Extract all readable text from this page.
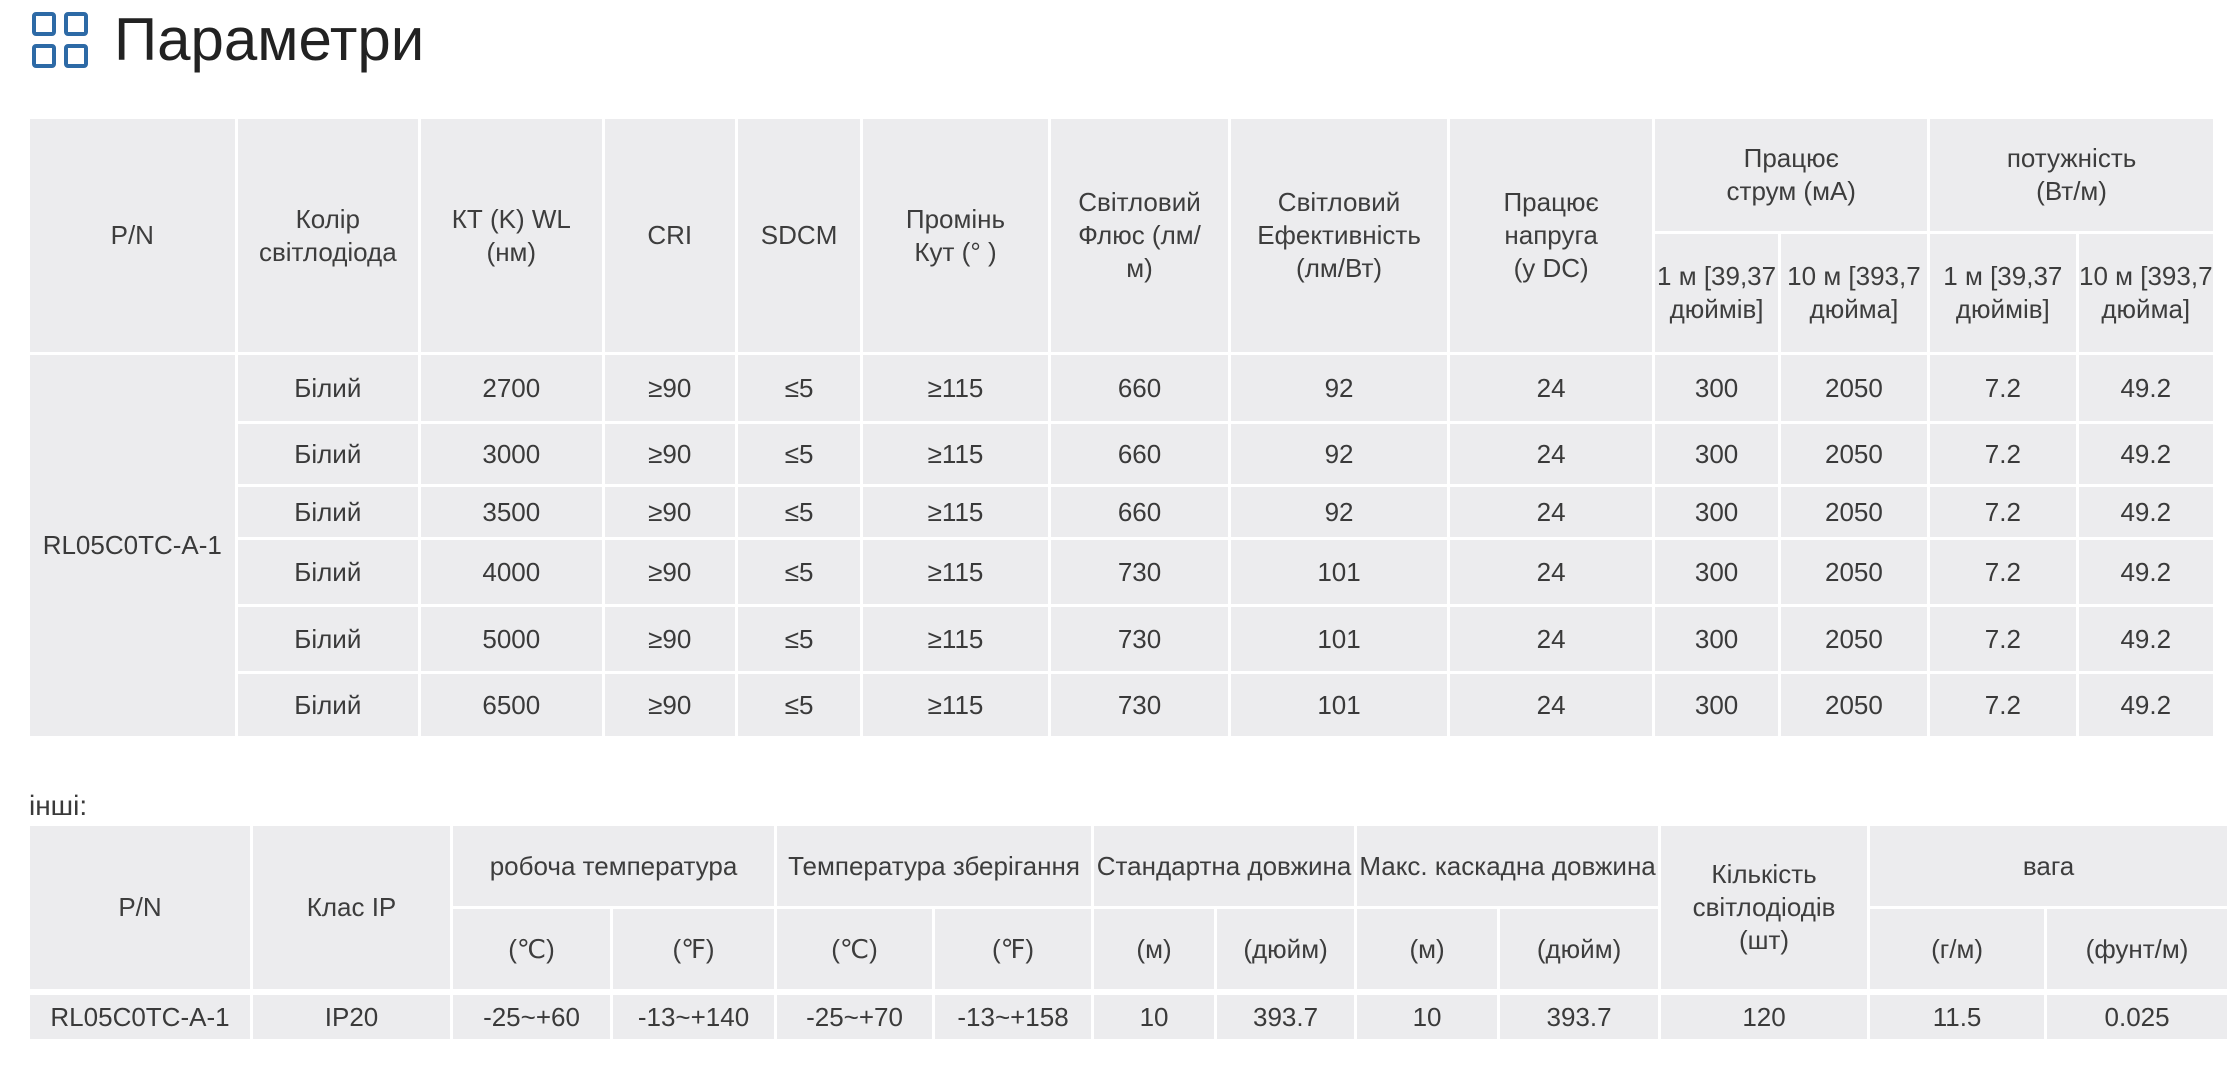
Параметри
P/N	Колір світлодіода	КТ (K) WL (нм)	CRI	SDCM	Промінь Кут (° )	Світловий Флюс (лм/м)	Світловий Ефективність (лм/Вт)	Працює напруга (у DC)	Працює струм (мА)		потужність (Вт/м)	
									1 м [39,37 дюймів]	10 м [393,7 дюйма]	1 м [39,37 дюймів]	10 м [393,7 дюйма]
RL05C0TC-A-1	Білий	2700	≥90	≤5	≥115	660	92	24	300	2050	7.2	49.2
	Білий	3000	≥90	≤5	≥115	660	92	24	300	2050	7.2	49.2
	Білий	3500	≥90	≤5	≥115	660	92	24	300	2050	7.2	49.2
	Білий	4000	≥90	≤5	≥115	730	101	24	300	2050	7.2	49.2
	Білий	5000	≥90	≤5	≥115	730	101	24	300	2050	7.2	49.2
	Білий	6500	≥90	≤5	≥115	730	101	24	300	2050	7.2	49.2
інші:
P/N	Клас IP	робоча температура		Температура зберігання		Стандартна довжина		Макс. каскадна довжина		Кількість світлодіодів (шт)	вага	
		(℃)	(℉)	(℃)	(℉)	(м)	(дюйм)	(м)	(дюйм)		(г/м)	(фунт/м)

RL05C0TC-A-1	IP20	-25~+60	-13~+140	-25~+70	-13~+158	10	393.7	10	393.7	120	11.5	0.025
